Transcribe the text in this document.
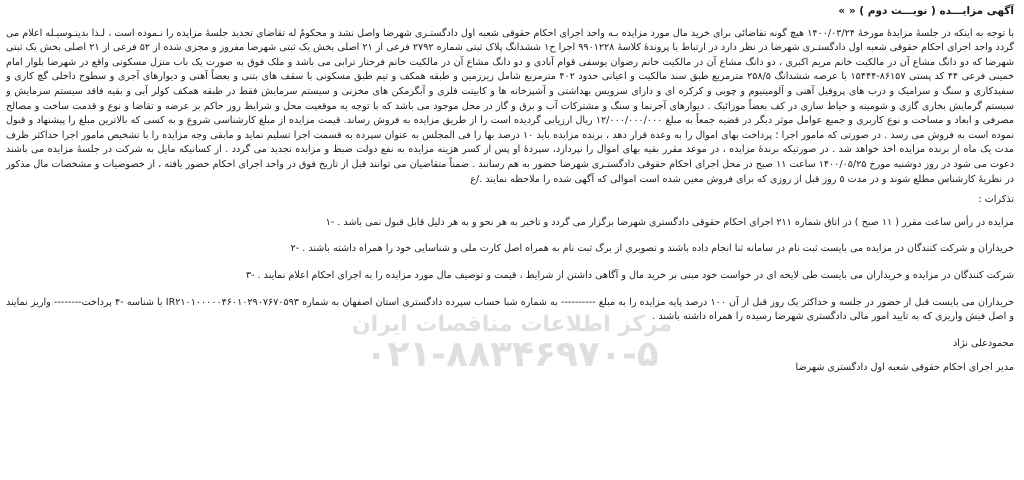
آگهی مزایـــده ( نوبـــت دوم ) « »
با توجه به اینکه در جلسهٔ مزایدهٔ مورخهٔ ۱۴۰۰/۰۳/۲۴ هیچ گونه تقاضائی برای خرید مال مورد مزایده بـه واحد اجرای احکام حقوقی شعبه اول دادگستـری شهرضا واصل نشد و محکومٌ له تقاضای تجدید جلسهٔ مزایده را نـموده است ، لـذا بدینـوسیـله اعلام می گردد واحد اجرای احکام حقوقی شعبه اول دادگستـری شهرضا در نظر دارد در ارتباط با پروندهٔ کلاسهٔ ۹۹۰۱۲۲۸ اجرا ح۱ ششدانگ پلاک ثبتی شماره ۲۷۹۲ فرعی از ۲۱ اصلی بخش یک ثبتی شهرضا مفروز و مجزی شده از ۵۲ فرعی از ۲۱ اصلی بخش یک ثبتی شهرضا که دو دانگ مشاع آن در مالکیت خانم مریم اکبری ، دو دانگ مشاع آن در مالکیت خانم رضوان یوسفی قوام آبادی و دو دانگ مشاع آن در مالکیت خانم فرحناز ترابی می باشد و ملک فوق به صورت یک باب منزل مسکونی واقع در شهرضا بلوار امام خمینی فرعی ۴۴ کد پستی ۸۶۱۵۷-۱۵۴۴۴ با عرصه ششدانگ ۲۵۸/۵ مترمربع طبق سند مالکیت و اعیانی حدود ۴۰۲ مترمربع شامل زیرزمین و طبقه همکف و تیم طبق مسکونی با سقف های بتنی و بعضاً آهنی و دیوارهای آجری و سطوح داخلی گچ کاری و سفیدکاری و سنگ و سرامیک و درب های پروفیل آهنی و آلومینیوم و چوبی و کرکره ای و دارای سرویس بهداشتی و آشپزخانه ها و کابینت فلزی و آبگرمکن های مخزنی و سیستم سرمایش فقط در طبقه همکف کولر آبی و بقیه فاقد سیستم سرمایش و سیستم گرمایش بخاری گازی و شومینه و حیاط سازی در کف بعضاً موزائیک . دیوارهای آجرنما و سنگ و مشترکات آب و برق و گاز در محل موجود می باشد که با توجه به موقعیت محل و شرایط روز حاکم بر عرضه و تقاضا و نوع و قدمت ساخت و مصالح مصرفی و ابعاد و مساحت و نوع کاربری و جمیع عوامل موثر دیگر در قضیه جمعاً به مبلغ ۱۲/۰۰۰/۰۰۰/۰۰۰ ریال ارزیابی گردیده است را از طریق مزایده به فروش رساند. قیمت مزایده از مبلغ کارشناسی شروع و به کسی که بالاترین مبلغ را پیشنهاد و قبول نموده است به فروش می رسد . در صورتی که مامور اجرا ؛ پرداخت بهای اموال را به وعده قرار دهد ، برنده مزایده باید ۱۰ درصد بها را فی المجلس به عنوان سپرده به قسمت اجرا تسلیم نماید و مابقی وجه مزایده را با تشخیص مامور اجرا حداکثر ظرف مدت یک ماه از برنده مزایده اخذ خواهد شد . در صورتیکه برندهٔ مزایده ، در موعد مقرر بقیه بهای اموال را نپردازد، سپردهٔ او پس از کسر هزینه مزایده به نفع دولت ضبط و مزایده تجدید می گردد . از کسانیکه مایل به شرکت در جلسهٔ مزایده می باشند دعوت می شود در روز دوشنبه مورخ ۱۴۰۰/۰۵/۲۵ ساعت ۱۱ صبح در محل اجرای احکام حقوقی دادگستـری شهرضا حضور به هم رسانند . ضمناً متقاضیان می توانند قبل از تاریخ فوق در واحد اجرای احکام حضور یافته ، از خصوصیات و مشخصات مال مذکور در نظریهٔ کارشناس مطلع شوند و در مدت ۵ روز قبل از روزی که برای فروش معین شده است اموالی که آگهی شده را ملاحظه نمایند ./ع
تذکرات :
مزایده در رأس ساعت مقرر ( ۱۱ صبح ) در اتاق شماره ۲۱۱ اجرای احکام حقوقی دادگستری شهرضا برگزار می گردد و تاخیر به هر نحو و به هر دلیل قابل قبول نمی باشد . -۱
خریداران و شرکت کنندگان در مزایده می بایست ثبت نام در سامانه ثنا انجام داده باشند و تصویری از برگ ثبت نام به همراه اصل کارت ملی و شناسایی خود را همراه داشته باشند . -۲
شرکت کنندگان در مزایده و خریداران می بایست طی لایحه ای در خواست خود مبنی بر خرید مال و آگاهی داشتن از شرایط ، قیمت و توصیف مال مورد مزایده را به اجرای احکام اعلام نمایند . -۳
خریداران می بایست قبل از حضور در جلسه و حداکثر یک روز قبل از آن ۱۰۰ درصد پایه مزایده را به مبلغ ---------- به شماره شبا حساب سپرده دادگستری استان اصفهان به شماره IR۲۱۰۱۰۰۰۰۰۴۶۰۱۰۲۹۰۷۶۷۰۵۹۳ با شناسه -۴ پرداخت-------- واریز نمایند و اصل فیش واریزی که به تایید امور مالی دادگستری شهرضا رسیده را همراه داشته باشند .
محمودعلی نژاد
مدیر اجرای احکام حقوقی شعبه اول دادگستری شهرضا
مرکز اطلاعات مناقصات ایران
۰۲۱-۸۸۳۴۶۹۷۰-۵
